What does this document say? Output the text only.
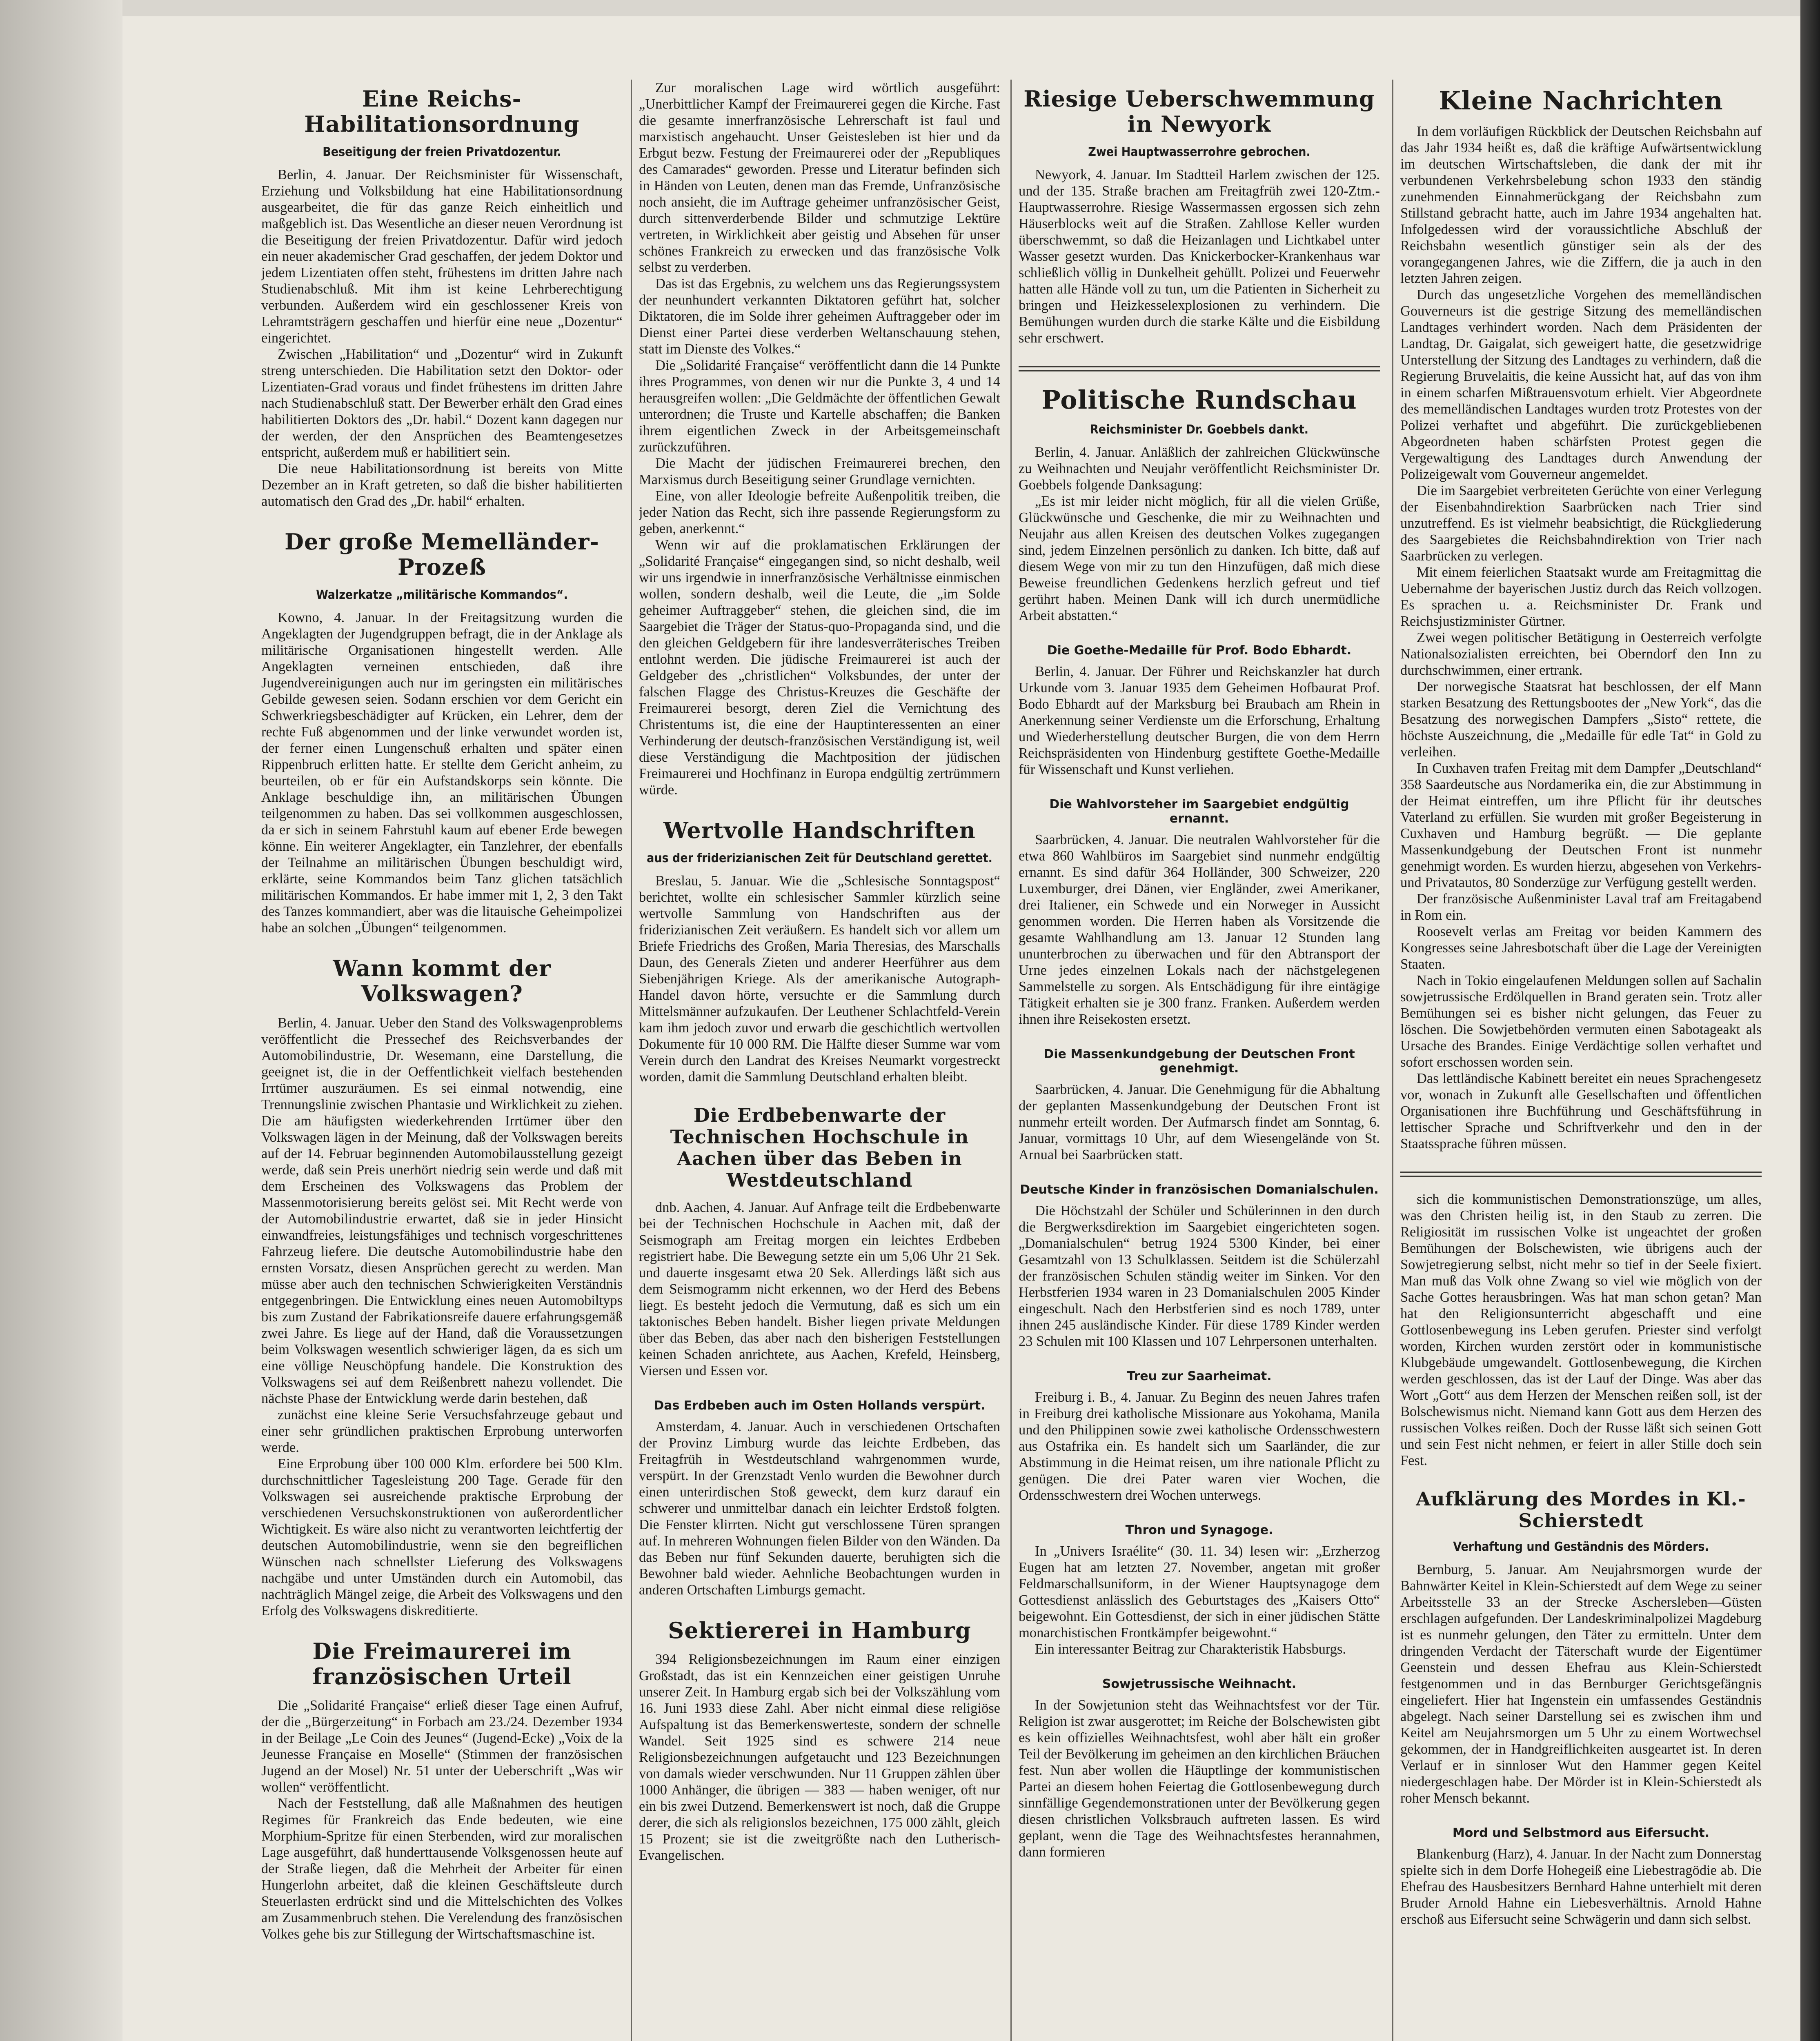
Eine Reichs-Habilitationsordnung
Beseitigung der freien Privatdozentur.

Berlin, 4. Januar. Der Reichsminister für Wissenschaft, Erziehung und Volksbildung hat eine Habilitationsordnung ausgearbeitet, die für das ganze Reich einheitlich und maßgeblich ist. Das Wesentliche an dieser neuen Verordnung ist die Beseitigung der freien Privatdozentur. Dafür wird jedoch ein neuer akademischer Grad geschaffen, der jedem Doktor und jedem Lizentiaten offen steht, frühestens im dritten Jahre nach Studienabschluß. Mit ihm ist keine Lehrberechtigung verbunden. Außerdem wird ein geschlossener Kreis von Lehramtsträgern geschaffen und hierfür eine neue „Dozentur“ eingerichtet.

Zwischen „Habilitation“ und „Dozentur“ wird in Zukunft streng unterschieden. Die Habilitation setzt den Doktor- oder Lizentiaten-Grad voraus und findet frühestens im dritten Jahre nach Studienabschluß statt. Der Bewerber erhält den Grad eines habilitierten Doktors des „Dr. habil.“ Dozent kann dagegen nur der werden, der den Ansprüchen des Beamtengesetzes entspricht, außerdem muß er habilitiert sein.

Die neue Habilitationsordnung ist bereits von Mitte Dezember an in Kraft getreten, so daß die bisher habilitierten automatisch den Grad des „Dr. habil“ erhalten.

Der große Memelländer-Prozeß
Walzerkatze „militärische Kommandos“.

Kowno, 4. Januar. In der Freitagsitzung wurden die Angeklagten der Jugendgruppen befragt, die in der Anklage als militärische Organisationen hingestellt werden. Alle Angeklagten verneinen entschieden, daß ihre Jugendvereinigungen auch nur im geringsten ein militärisches Gebilde gewesen seien. Sodann erschien vor dem Gericht ein Schwerkriegsbeschädigter auf Krücken, ein Lehrer, dem der rechte Fuß abgenommen und der linke verwundet worden ist, der ferner einen Lungenschuß erhalten und später einen Rippenbruch erlitten hatte. Er stellte dem Gericht anheim, zu beurteilen, ob er für ein Aufstandskorps sein könnte. Die Anklage beschuldige ihn, an militärischen Übungen teilgenommen zu haben. Das sei vollkommen ausgeschlossen, da er sich in seinem Fahrstuhl kaum auf ebener Erde bewegen könne. Ein weiterer Angeklagter, ein Tanzlehrer, der ebenfalls der Teilnahme an militärischen Übungen beschuldigt wird, erklärte, seine Kommandos beim Tanz glichen tatsächlich militärischen Kommandos. Er habe immer mit 1, 2, 3 den Takt des Tanzes kommandiert, aber was die litauische Geheimpolizei habe an solchen „Übungen“ teilgenommen.

Wann kommt der Volkswagen?

Berlin, 4. Januar. Ueber den Stand des Volkswagenproblems veröffentlicht die Pressechef des Reichsverbandes der Automobilindustrie, Dr. Wesemann, eine Darstellung, die geeignet ist, die in der Oeffentlichkeit vielfach bestehenden Irrtümer auszuräumen. Es sei einmal notwendig, eine Trennungslinie zwischen Phantasie und Wirklichkeit zu ziehen. Die am häufigsten wiederkehrenden Irrtümer über den Volkswagen lägen in der Meinung, daß der Volkswagen bereits auf der 14. Februar beginnenden Automobilausstellung gezeigt werde, daß sein Preis unerhört niedrig sein werde und daß mit dem Erscheinen des Volkswagens das Problem der Massenmotorisierung bereits gelöst sei. Mit Recht werde von der Automobilindustrie erwartet, daß sie in jeder Hinsicht einwandfreies, leistungsfähiges und technisch vorgeschrittenes Fahrzeug liefere. Die deutsche Automobilindustrie habe den ernsten Vorsatz, diesen Ansprüchen gerecht zu werden. Man müsse aber auch den technischen Schwierigkeiten Verständnis entgegenbringen. Die Entwicklung eines neuen Automobiltyps bis zum Zustand der Fabrikationsreife dauere erfahrungsgemäß zwei Jahre. Es liege auf der Hand, daß die Voraussetzungen beim Volkswagen wesentlich schwieriger lägen, da es sich um eine völlige Neuschöpfung handele. Die Konstruktion des Volkswagens sei auf dem Reißenbrett nahezu vollendet. Die nächste Phase der Entwicklung werde darin bestehen, daß

zunächst eine kleine Serie Versuchsfahrzeuge gebaut und einer sehr gründlichen praktischen Erprobung unterworfen werde.

Eine Erprobung über 100 000 Klm. erfordere bei 500 Klm. durchschnittlicher Tagesleistung 200 Tage. Gerade für den Volkswagen sei ausreichende praktische Erprobung der verschiedenen Versuchskonstruktionen von außerordentlicher Wichtigkeit. Es wäre also nicht zu verantworten leichtfertig der deutschen Automobilindustrie, wenn sie den begreiflichen Wünschen nach schnellster Lieferung des Volkswagens nachgäbe und unter Umständen durch ein Automobil, das nachträglich Mängel zeige, die Arbeit des Volkswagens und den Erfolg des Volkswagens diskreditierte.

Die Freimaurerei im französischen Urteil

Die „Solidarité Française“ erließ dieser Tage einen Aufruf, der die „Bürgerzeitung“ in Forbach am 23./24. Dezember 1934 in der Beilage „Le Coin des Jeunes“ (Jugend-Ecke) „Voix de la Jeunesse Française en Moselle“ (Stimmen der französischen Jugend an der Mosel) Nr. 51 unter der Ueberschrift „Was wir wollen“ veröffentlicht.

Nach der Feststellung, daß alle Maßnahmen des heutigen Regimes für Frankreich das Ende bedeuten, wie eine Morphium-Spritze für einen Sterbenden, wird zur moralischen Lage ausgeführt, daß hunderttausende Volksgenossen heute auf der Straße liegen, daß die Mehrheit der Arbeiter für einen Hungerlohn arbeitet, daß die kleinen Geschäftsleute durch Steuerlasten erdrückt sind und die Mittelschichten des Volkes am Zusammenbruch stehen. Die Verelendung des französischen Volkes gehe bis zur Stillegung der Wirtschaftsmaschine ist.

Zur moralischen Lage wird wörtlich ausgeführt: „Unerbittlicher Kampf der Freimaurerei gegen die Kirche. Fast die gesamte innerfranzösische Lehrerschaft ist faul und marxistisch angehaucht. Unser Geistesleben ist hier und da Erbgut bezw. Festung der Freimaurerei oder der „Republiques des Camarades“ geworden. Presse und Literatur befinden sich in Händen von Leuten, denen man das Fremde, Unfranzösische noch ansieht, die im Auftrage geheimer unfranzösischer Geist, durch sittenverderbende Bilder und schmutzige Lektüre vertreten, in Wirklichkeit aber geistig und Absehen für unser schönes Frankreich zu erwecken und das französische Volk selbst zu verderben.

Das ist das Ergebnis, zu welchem uns das Regierungssystem der neunhundert verkannten Diktatoren geführt hat, solcher Diktatoren, die im Solde ihrer geheimen Auftraggeber oder im Dienst einer Partei diese verderben Weltanschauung stehen, statt im Dienste des Volkes.“

Die „Solidarité Française“ veröffentlicht dann die 14 Punkte ihres Programmes, von denen wir nur die Punkte 3, 4 und 14 herausgreifen wollen: „Die Geldmächte der öffentlichen Gewalt unterordnen; die Truste und Kartelle abschaffen; die Banken ihrem eigentlichen Zweck in der Arbeitsgemeinschaft zurückzuführen.

Die Macht der jüdischen Freimaurerei brechen, den Marxismus durch Beseitigung seiner Grundlage vernichten.

Eine, von aller Ideologie befreite Außenpolitik treiben, die jeder Nation das Recht, sich ihre passende Regierungsform zu geben, anerkennt.“

Wenn wir auf die proklamatischen Erklärungen der „Solidarité Française“ eingegangen sind, so nicht deshalb, weil wir uns irgendwie in innerfranzösische Verhältnisse einmischen wollen, sondern deshalb, weil die Leute, die „im Solde geheimer Auftraggeber“ stehen, die gleichen sind, die im Saargebiet die Träger der Status-quo-Propaganda sind, und die den gleichen Geldgebern für ihre landesverräterisches Treiben entlohnt werden. Die jüdische Freimaurerei ist auch der Geldgeber des „christlichen“ Volksbundes, der unter der falschen Flagge des Christus-Kreuzes die Geschäfte der Freimaurerei besorgt, deren Ziel die Vernichtung des Christentums ist, die eine der Hauptinteressenten an einer Verhinderung der deutsch-französischen Verständigung ist, weil diese Verständigung die Machtposition der jüdischen Freimaurerei und Hochfinanz in Europa endgültig zertrümmern würde.

Wertvolle Handschriften
aus der friderizianischen Zeit für Deutschland gerettet.

Breslau, 5. Januar. Wie die „Schlesische Sonntagspost“ berichtet, wollte ein schlesischer Sammler kürzlich seine wertvolle Sammlung von Handschriften aus der friderizianischen Zeit veräußern. Es handelt sich vor allem um Briefe Friedrichs des Großen, Maria Theresias, des Marschalls Daun, des Generals Zieten und anderer Heerführer aus dem Siebenjährigen Kriege. Als der amerikanische Autograph-Handel davon hörte, versuchte er die Sammlung durch Mittelsmänner aufzukaufen. Der Leuthener Schlachtfeld-Verein kam ihm jedoch zuvor und erwarb die geschichtlich wertvollen Dokumente für 10 000 RM. Die Hälfte dieser Summe war vom Verein durch den Landrat des Kreises Neumarkt vorgestreckt worden, damit die Sammlung Deutschland erhalten bleibt.

Die Erdbebenwarte der Technischen Hochschule in Aachen über das Beben in Westdeutschland

dnb. Aachen, 4. Januar. Auf Anfrage teilt die Erdbebenwarte bei der Technischen Hochschule in Aachen mit, daß der Seismograph am Freitag morgen ein leichtes Erdbeben registriert habe. Die Bewegung setzte ein um 5,06 Uhr 21 Sek. und dauerte insgesamt etwa 20 Sek. Allerdings läßt sich aus dem Seismogramm nicht erkennen, wo der Herd des Bebens liegt. Es besteht jedoch die Vermutung, daß es sich um ein taktonisches Beben handelt. Bisher liegen private Meldungen über das Beben, das aber nach den bisherigen Feststellungen keinen Schaden anrichtete, aus Aachen, Krefeld, Heinsberg, Viersen und Essen vor.

Das Erdbeben auch im Osten Hollands verspürt.

Amsterdam, 4. Januar. Auch in verschiedenen Ortschaften der Provinz Limburg wurde das leichte Erdbeben, das Freitagfrüh in Westdeutschland wahrgenommen wurde, verspürt. In der Grenzstadt Venlo wurden die Bewohner durch einen unterirdischen Stoß geweckt, dem kurz darauf ein schwerer und unmittelbar danach ein leichter Erdstoß folgten. Die Fenster klirrten. Nicht gut verschlossene Türen sprangen auf. In mehreren Wohnungen fielen Bilder von den Wänden. Da das Beben nur fünf Sekunden dauerte, beruhigten sich die Bewohner bald wieder. Aehnliche Beobachtungen wurden in anderen Ortschaften Limburgs gemacht.

Sektiererei in Hamburg

394 Religionsbezeichnungen im Raum einer einzigen Großstadt, das ist ein Kennzeichen einer geistigen Unruhe unserer Zeit. In Hamburg ergab sich bei der Volkszählung vom 16. Juni 1933 diese Zahl. Aber nicht einmal diese religiöse Aufspaltung ist das Bemerkenswerteste, sondern der schnelle Wandel. Seit 1925 sind es schwere 214 neue Religionsbezeichnungen aufgetaucht und 123 Bezeichnungen von damals wieder verschwunden. Nur 11 Gruppen zählen über 1000 Anhänger, die übrigen — 383 — haben weniger, oft nur ein bis zwei Dutzend. Bemerkenswert ist noch, daß die Gruppe derer, die sich als religionslos bezeichnen, 175 000 zählt, gleich 15 Prozent; sie ist die zweitgrößte nach den Lutherisch-Evangelischen.

Riesige Ueberschwemmung in Newyork
Zwei Hauptwasserrohre gebrochen.

Newyork, 4. Januar. Im Stadtteil Harlem zwischen der 125. und der 135. Straße brachen am Freitagfrüh zwei 120-Ztm.-Hauptwasserrohre. Riesige Wassermassen ergossen sich zehn Häuserblocks weit auf die Straßen. Zahllose Keller wurden überschwemmt, so daß die Heizanlagen und Lichtkabel unter Wasser gesetzt wurden. Das Knickerbocker-Krankenhaus war schließlich völlig in Dunkelheit gehüllt. Polizei und Feuerwehr hatten alle Hände voll zu tun, um die Patienten in Sicherheit zu bringen und Heizkesselexplosionen zu verhindern. Die Bemühungen wurden durch die starke Kälte und die Eisbildung sehr erschwert.

Politische Rundschau
Reichsminister Dr. Goebbels dankt.

Berlin, 4. Januar. Anläßlich der zahlreichen Glückwünsche zu Weihnachten und Neujahr veröffentlicht Reichsminister Dr. Goebbels folgende Danksagung:

„Es ist mir leider nicht möglich, für all die vielen Grüße, Glückwünsche und Geschenke, die mir zu Weihnachten und Neujahr aus allen Kreisen des deutschen Volkes zugegangen sind, jedem Einzelnen persönlich zu danken. Ich bitte, daß auf diesem Wege von mir zu tun den Hinzufügen, daß mich diese Beweise freundlichen Gedenkens herzlich gefreut und tief gerührt haben. Meinen Dank will ich durch unermüdliche Arbeit abstatten.“

Die Goethe-Medaille für Prof. Bodo Ebhardt.

Berlin, 4. Januar. Der Führer und Reichskanzler hat durch Urkunde vom 3. Januar 1935 dem Geheimen Hofbaurat Prof. Bodo Ebhardt auf der Marksburg bei Braubach am Rhein in Anerkennung seiner Verdienste um die Erforschung, Erhaltung und Wiederherstellung deutscher Burgen, die von dem Herrn Reichspräsidenten von Hindenburg gestiftete Goethe-Medaille für Wissenschaft und Kunst verliehen.

Die Wahlvorsteher im Saargebiet endgültig ernannt.

Saarbrücken, 4. Januar. Die neutralen Wahlvorsteher für die etwa 860 Wahlbüros im Saargebiet sind nunmehr endgültig ernannt. Es sind dafür 364 Holländer, 300 Schweizer, 220 Luxemburger, drei Dänen, vier Engländer, zwei Amerikaner, drei Italiener, ein Schwede und ein Norweger in Aussicht genommen worden. Die Herren haben als Vorsitzende die gesamte Wahlhandlung am 13. Januar 12 Stunden lang ununterbrochen zu überwachen und für den Abtransport der Urne jedes einzelnen Lokals nach der nächstgelegenen Sammelstelle zu sorgen. Als Entschädigung für ihre eintägige Tätigkeit erhalten sie je 300 franz. Franken. Außerdem werden ihnen ihre Reisekosten ersetzt.

Die Massenkundgebung der Deutschen Front genehmigt.

Saarbrücken, 4. Januar. Die Genehmigung für die Abhaltung der geplanten Massenkundgebung der Deutschen Front ist nunmehr erteilt worden. Der Aufmarsch findet am Sonntag, 6. Januar, vormittags 10 Uhr, auf dem Wiesengelände von St. Arnual bei Saarbrücken statt.

Deutsche Kinder in französischen Domanialschulen.

Die Höchstzahl der Schüler und Schülerinnen in den durch die Bergwerksdirektion im Saargebiet eingerichteten sogen. „Domanialschulen“ betrug 1924 5300 Kinder, bei einer Gesamtzahl von 13 Schulklassen. Seitdem ist die Schülerzahl der französischen Schulen ständig weiter im Sinken. Vor den Herbstferien 1934 waren in 23 Domanialschulen 2005 Kinder eingeschult. Nach den Herbstferien sind es noch 1789, unter ihnen 245 ausländische Kinder. Für diese 1789 Kinder werden 23 Schulen mit 100 Klassen und 107 Lehrpersonen unterhalten.

Treu zur Saarheimat.

Freiburg i. B., 4. Januar. Zu Beginn des neuen Jahres trafen in Freiburg drei katholische Missionare aus Yokohama, Manila und den Philippinen sowie zwei katholische Ordensschwestern aus Ostafrika ein. Es handelt sich um Saarländer, die zur Abstimmung in die Heimat reisen, um ihre nationale Pflicht zu genügen. Die drei Pater waren vier Wochen, die Ordensschwestern drei Wochen unterwegs.

Thron und Synagoge.

In „Univers Israélite“ (30. 11. 34) lesen wir: „Erzherzog Eugen hat am letzten 27. November, angetan mit großer Feldmarschallsuniform, in der Wiener Hauptsynagoge dem Gottesdienst anlässlich des Geburtstages des „Kaisers Otto“ beigewohnt. Ein Gottesdienst, der sich in einer jüdischen Stätte monarchistischen Frontkämpfer beigewohnt.“

Ein interessanter Beitrag zur Charakteristik Habsburgs.

Sowjetrussische Weihnacht.

In der Sowjetunion steht das Weihnachtsfest vor der Tür. Religion ist zwar ausgerottet; im Reiche der Bolschewisten gibt es kein offizielles Weihnachtsfest, wohl aber hält ein großer Teil der Bevölkerung im geheimen an den kirchlichen Bräuchen fest. Nun aber wollen die Häuptlinge der kommunistischen Partei an diesem hohen Feiertag die Gottlosenbewegung durch sinnfällige Gegendemonstrationen unter der Bevölkerung gegen diesen christlichen Volksbrauch auftreten lassen. Es wird geplant, wenn die Tage des Weihnachtsfestes herannahmen, dann formieren

Kleine Nachrichten

In dem vorläufigen Rückblick der Deutschen Reichsbahn auf das Jahr 1934 heißt es, daß die kräftige Aufwärtsentwicklung im deutschen Wirtschaftsleben, die dank der mit ihr verbundenen Verkehrsbelebung schon 1933 den ständig zunehmenden Einnahmerückgang der Reichsbahn zum Stillstand gebracht hatte, auch im Jahre 1934 angehalten hat. Infolgedessen wird der voraussichtliche Abschluß der Reichsbahn wesentlich günstiger sein als der des vorangegangenen Jahres, wie die Ziffern, die ja auch in den letzten Jahren zeigen.

Durch das ungesetzliche Vorgehen des memelländischen Gouverneurs ist die gestrige Sitzung des memelländischen Landtages verhindert worden. Nach dem Präsidenten der Landtag, Dr. Gaigalat, sich geweigert hatte, die gesetzwidrige Unterstellung der Sitzung des Landtages zu verhindern, daß die Regierung Bruvelaitis, die keine Aussicht hat, auf das von ihm in einem scharfen Mißtrauensvotum erhielt. Vier Abgeordnete des memelländischen Landtages wurden trotz Protestes von der Polizei verhaftet und abgeführt. Die zurückgebliebenen Abgeordneten haben schärfsten Protest gegen die Vergewaltigung des Landtages durch Anwendung der Polizeigewalt vom Gouverneur angemeldet.

Die im Saargebiet verbreiteten Gerüchte von einer Verlegung der Eisenbahndirektion Saarbrücken nach Trier sind unzutreffend. Es ist vielmehr beabsichtigt, die Rückgliederung des Saargebietes die Reichsbahndirektion von Trier nach Saarbrücken zu verlegen.

Mit einem feierlichen Staatsakt wurde am Freitagmittag die Uebernahme der bayerischen Justiz durch das Reich vollzogen. Es sprachen u. a. Reichsminister Dr. Frank und Reichsjustizminister Gürtner.

Zwei wegen politischer Betätigung in Oesterreich verfolgte Nationalsozialisten erreichten, bei Oberndorf den Inn zu durchschwimmen, einer ertrank.

Der norwegische Staatsrat hat beschlossen, der elf Mann starken Besatzung des Rettungsbootes der „New York“, das die Besatzung des norwegischen Dampfers „Sisto“ rettete, die höchste Auszeichnung, die „Medaille für edle Tat“ in Gold zu verleihen.

In Cuxhaven trafen Freitag mit dem Dampfer „Deutschland“ 358 Saardeutsche aus Nordamerika ein, die zur Abstimmung in der Heimat eintreffen, um ihre Pflicht für ihr deutsches Vaterland zu erfüllen. Sie wurden mit großer Begeisterung in Cuxhaven und Hamburg begrüßt. — Die geplante Massenkundgebung der Deutschen Front ist nunmehr genehmigt worden. Es wurden hierzu, abgesehen von Verkehrs- und Privatautos, 80 Sonderzüge zur Verfügung gestellt werden.

Der französische Außenminister Laval traf am Freitagabend in Rom ein.

Roosevelt verlas am Freitag vor beiden Kammern des Kongresses seine Jahresbotschaft über die Lage der Vereinigten Staaten.

Nach in Tokio eingelaufenen Meldungen sollen auf Sachalin sowjetrussische Erdölquellen in Brand geraten sein. Trotz aller Bemühungen sei es bisher nicht gelungen, das Feuer zu löschen. Die Sowjetbehörden vermuten einen Sabotageakt als Ursache des Brandes. Einige Verdächtige sollen verhaftet und sofort erschossen worden sein.

Das lettländische Kabinett bereitet ein neues Sprachengesetz vor, wonach in Zukunft alle Gesellschaften und öffentlichen Organisationen ihre Buchführung und Geschäftsführung in lettischer Sprache und Schriftverkehr und den in der Staatssprache führen müssen.

sich die kommunistischen Demonstrationszüge, um alles, was den Christen heilig ist, in den Staub zu zerren. Die Religiosität im russischen Volke ist ungeachtet der großen Bemühungen der Bolschewisten, wie übrigens auch der Sowjetregierung selbst, nicht mehr so tief in der Seele fixiert. Man muß das Volk ohne Zwang so viel wie möglich von der Sache Gottes herausbringen. Was hat man schon getan? Man hat den Religionsunterricht abgeschafft und eine Gottlosenbewegung ins Leben gerufen. Priester sind verfolgt worden, Kirchen wurden zerstört oder in kommunistische Klubgebäude umgewandelt. Gottlosenbewegung, die Kirchen werden geschlossen, das ist der Lauf der Dinge. Was aber das Wort „Gott“ aus dem Herzen der Menschen reißen soll, ist der Bolschewismus nicht. Niemand kann Gott aus dem Herzen des russischen Volkes reißen. Doch der Russe läßt sich seinen Gott und sein Fest nicht nehmen, er feiert in aller Stille doch sein Fest.

Aufklärung des Mordes in Kl.-Schierstedt
Verhaftung und Geständnis des Mörders.

Bernburg, 5. Januar. Am Neujahrsmorgen wurde der Bahnwärter Keitel in Klein-Schierstedt auf dem Wege zu seiner Arbeitsstelle 33 an der Strecke Aschersleben—Güsten erschlagen aufgefunden. Der Landeskriminalpolizei Magdeburg ist es nunmehr gelungen, den Täter zu ermitteln. Unter dem dringenden Verdacht der Täterschaft wurde der Eigentümer Geenstein und dessen Ehefrau aus Klein-Schierstedt festgenommen und in das Bernburger Gerichtsgefängnis eingeliefert. Hier hat Ingenstein ein umfassendes Geständnis abgelegt. Nach seiner Darstellung sei es zwischen ihm und Keitel am Neujahrsmorgen um 5 Uhr zu einem Wortwechsel gekommen, der in Handgreiflichkeiten ausgeartet ist. In deren Verlauf er in sinnloser Wut den Hammer gegen Keitel niedergeschlagen habe. Der Mörder ist in Klein-Schierstedt als roher Mensch bekannt.

Mord und Selbstmord aus Eifersucht.

Blankenburg (Harz), 4. Januar. In der Nacht zum Donnerstag spielte sich in dem Dorfe Hohegeiß eine Liebestragödie ab. Die Ehefrau des Hausbesitzers Bernhard Hahne unterhielt mit deren Bruder Arnold Hahne ein Liebesverhältnis. Arnold Hahne erschoß aus Eifersucht seine Schwägerin und dann sich selbst.
